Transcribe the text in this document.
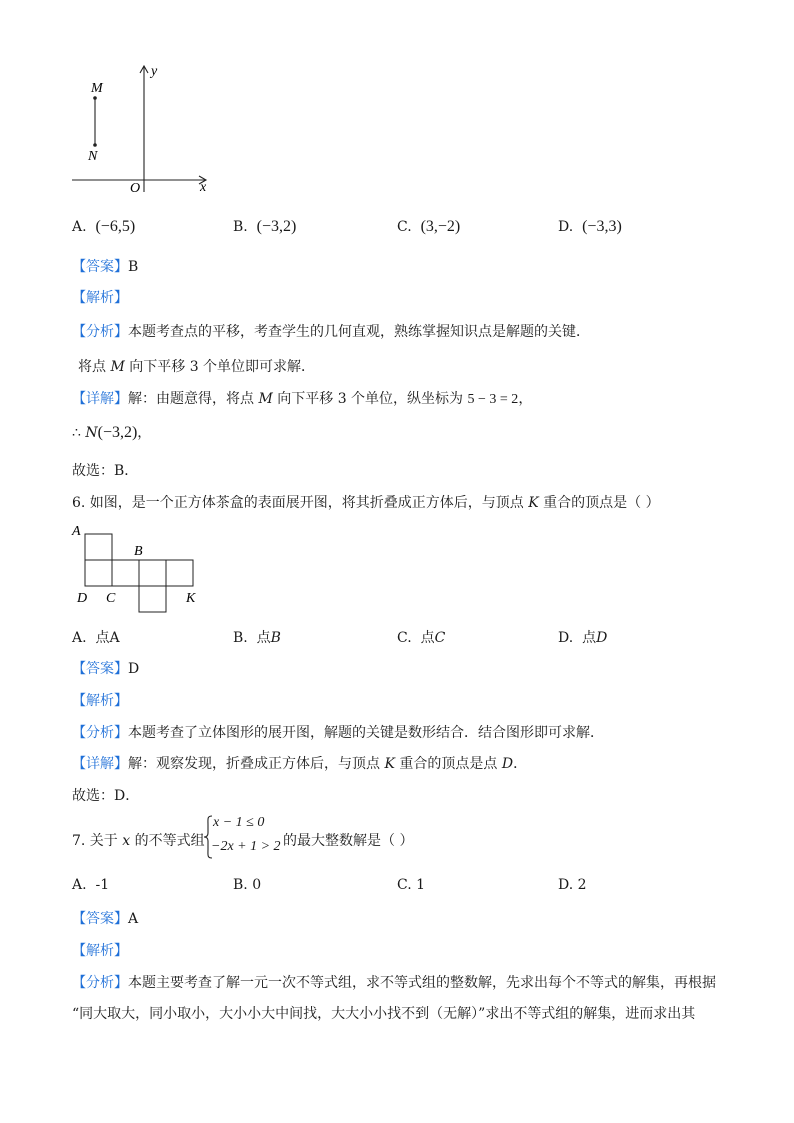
M
N
O	x
y
A. (−6,5)	B. (−3,2)	C. (3,−2)	D. (−3,3)
【答案】B
【解析】
【分析】本题考查点的平移，考查学生的几何直观，熟练掌握知识点是解题的关键．
将点 M 向下平移 3 个单位即可求解．
【详解】解：由题意得，将点 M 向下平移 3 个单位，纵坐标为 5 − 3 = 2，
∴ N(−3,2)，
故选：B．
6. 如图，是一个正方体茶盒的表面展开图，将其折叠成正方体后，与顶点 K 重合的顶点是（ ）
A
B
D C	K
A. 点A	B. 点B	C. 点C	D. 点D
【答案】D
【解析】
【分析】本题考查了立体图形的展开图，解题的关键是数形结合．结合图形即可求解．
【详解】解：观察发现，折叠成正方体后，与顶点 K 重合的顶点是点 D．
故选：D．
7. 关于 x 的不等式组
x − 1 ≤ 0
−2x + 1 > 2 的最大整数解是（ ）
A. -1	B. 0	C. 1	D. 2
【答案】A
【解析】
【分析】本题主要考查了解一元一次不等式组，求不等式组的整数解，先求出每个不等式的解集，再根据
“同大取大，同小取小，大小小大中间找，大大小小找不到（无解）”求出不等式组的解集，进而求出其
